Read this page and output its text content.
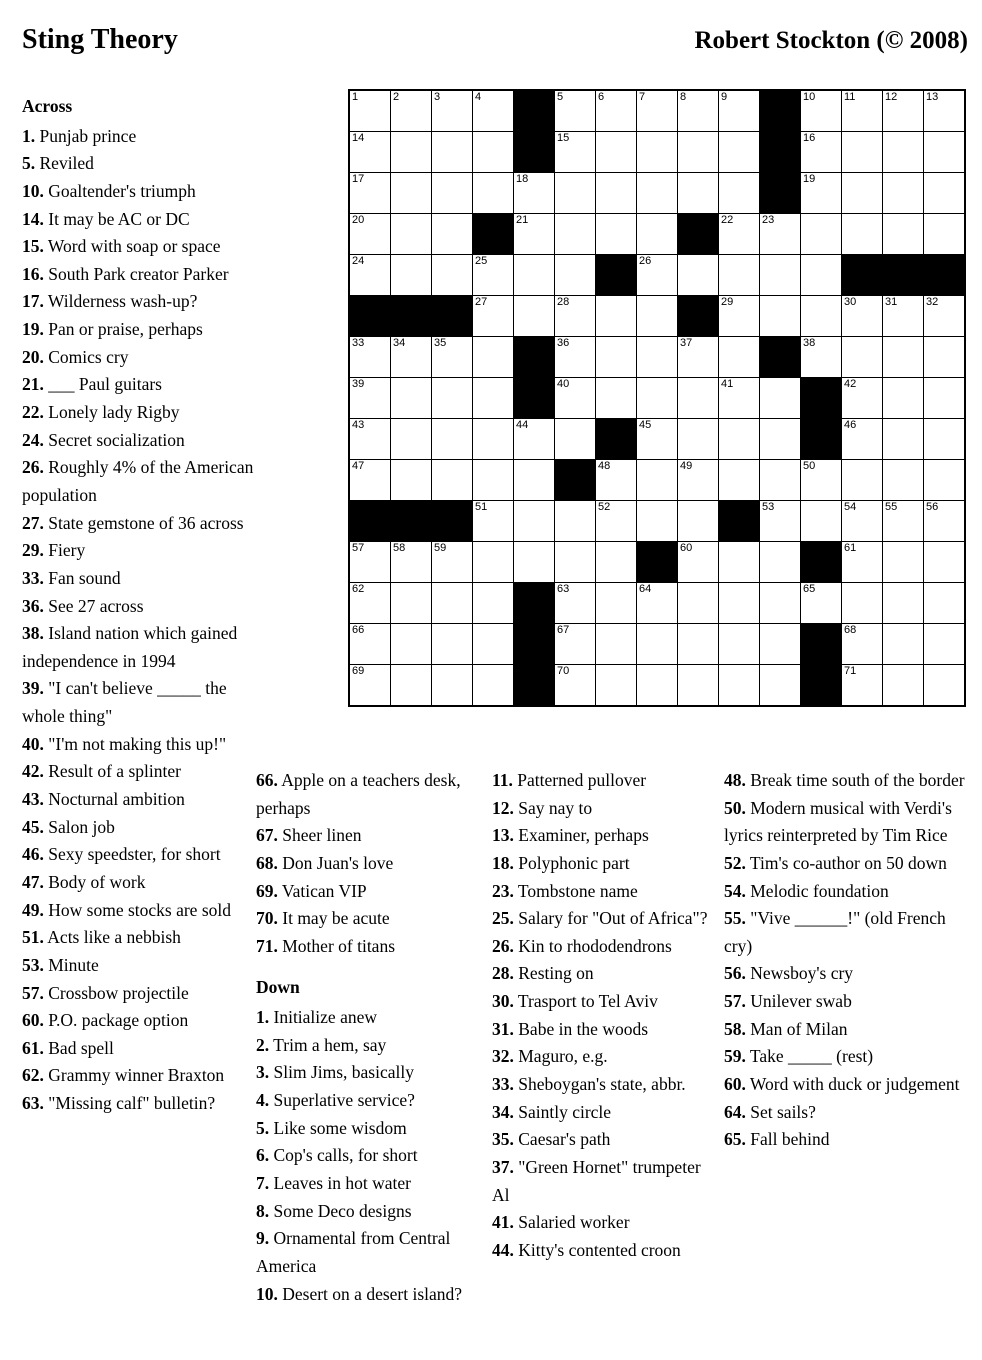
Sting Theory	Robert Stockton (© 2008)
1	2	3	4		5	6	7	8	9		10	11	12	13

14					15						16			

17				18							19			

20				21					22	23				

24			25				26							

			27		28				29			30	31	32

33	34	35			36			37			38			

39					40				41			42		

43				44			45					46		

47						48		49			50			

			51			52				53		54	55	56

57	58	59						60				61		

62					63		64				65			

66					67							68		

69					70							71		

Across

1. Punjab prince

5. Reviled

10. Goaltender's triumph

14. It may be AC or DC

15. Word with soap or space

16. South Park creator Parker

17. Wilderness wash-up?

19. Pan or praise, perhaps

20. Comics cry

21. ___ Paul guitars

22. Lonely lady Rigby

24. Secret socialization

26. Roughly 4% of the American population

27. State gemstone of 36 across

29. Fiery

33. Fan sound

36. See 27 across

38. Island nation which gained independence in 1994

39. "I can't believe _____ the whole thing"

40. "I'm not making this up!"

42. Result of a splinter

43. Nocturnal ambition

45. Salon job

46. Sexy speedster, for short

47. Body of work

49. How some stocks are sold

51. Acts like a nebbish

53. Minute

57. Crossbow projectile

60. P.O. package option

61. Bad spell

62. Grammy winner Braxton

63. "Missing calf" bulletin?

66. Apple on a teachers desk, perhaps

67. Sheer linen

68. Don Juan's love

69. Vatican VIP

70. It may be acute

71. Mother of titans

Down

1. Initialize anew

2. Trim a hem, say

3. Slim Jims, basically

4. Superlative service?

5. Like some wisdom

6. Cop's calls, for short

7. Leaves in hot water

8. Some Deco designs

9. Ornamental from Central America

10. Desert on a desert island?

11. Patterned pullover

12. Say nay to

13. Examiner, perhaps

18. Polyphonic part

23. Tombstone name

25. Salary for "Out of Africa"?

26. Kin to rhododendrons

28. Resting on

30. Trasport to Tel Aviv

31. Babe in the woods

32. Maguro, e.g.

33. Sheboygan's state, abbr.

34. Saintly circle

35. Caesar's path

37. "Green Hornet" trumpeter Al

41. Salaried worker

44. Kitty's contented croon

48. Break time south of the border

50. Modern musical with Verdi's lyrics reinterpreted by Tim Rice

52. Tim's co-author on 50 down

54. Melodic foundation

55. "Vive ______!" (old French cry)

56. Newsboy's cry

57. Unilever swab

58. Man of Milan

59. Take _____ (rest)

60. Word with duck or judgement

64. Set sails?

65. Fall behind
